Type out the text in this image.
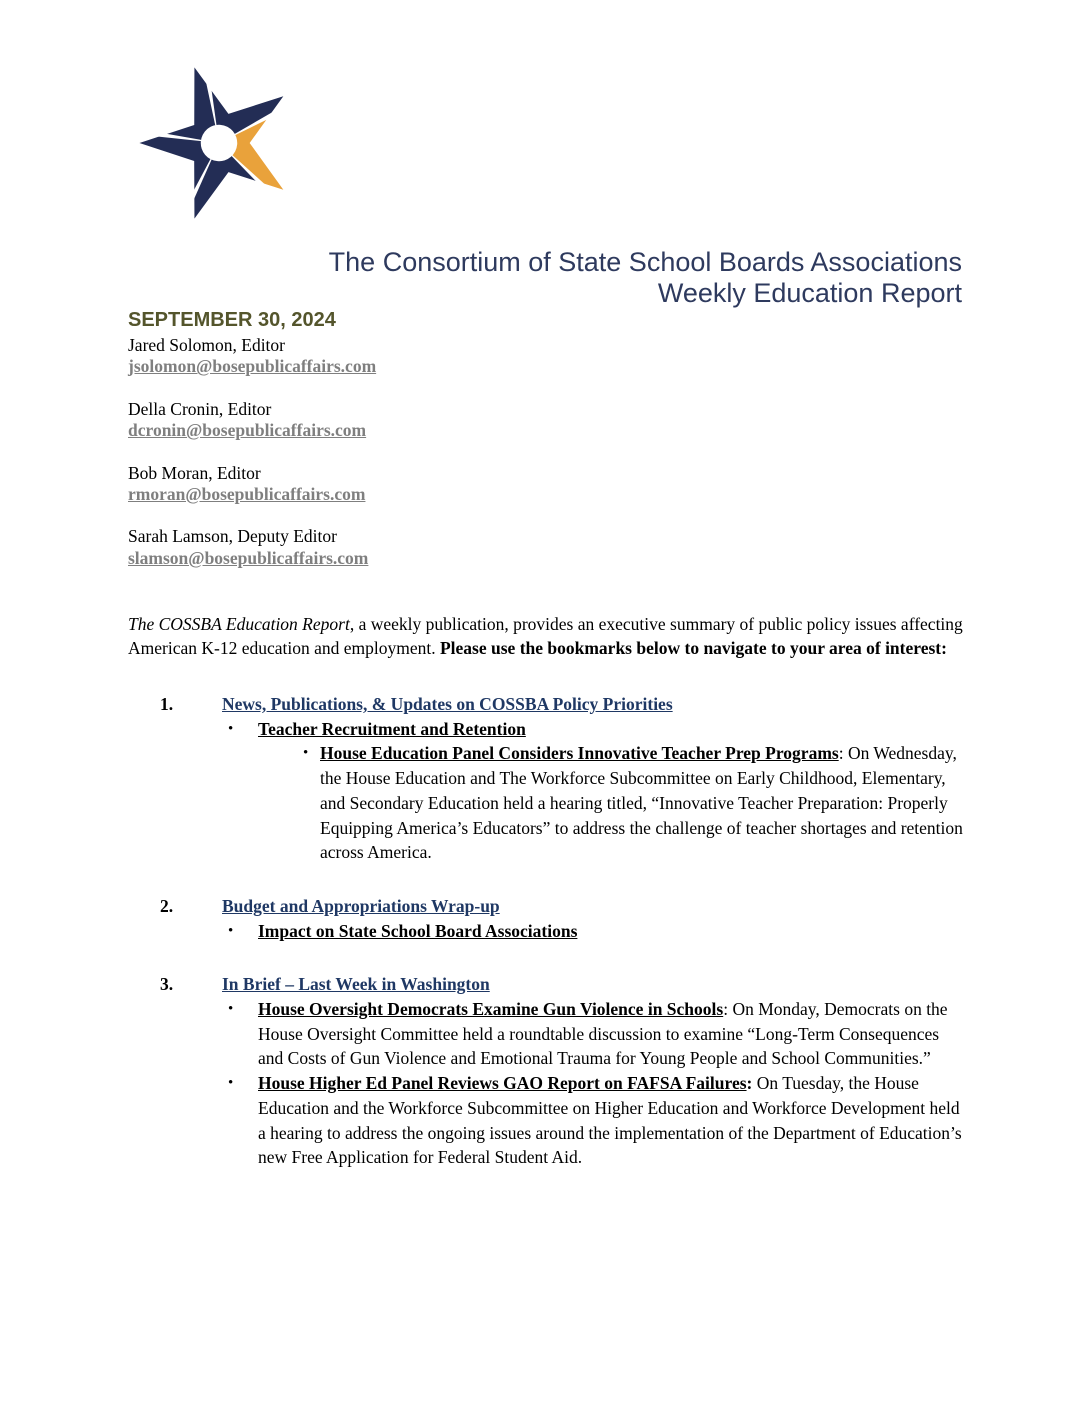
The Consortium of State School Boards Associations
Weekly Education Report
SEPTEMBER 30, 2024
Jared Solomon, Editor
jsolomon@bosepublicaffairs.com
Della Cronin, Editor
dcronin@bosepublicaffairs.com
Bob Moran, Editor
rmoran@bosepublicaffairs.com
Sarah Lamson, Deputy Editor
slamson@bosepublicaffairs.com
The COSSBA Education Report, a weekly publication, provides an executive summary of public policy issues affecting American K-12 education and employment. Please use the bookmarks below to navigate to your area of interest:
1.	News, Publications, & Updates on COSSBA Policy Priorities
•	Teacher Recruitment and Retention
• House Education Panel Considers Innovative Teacher Prep Programs: On Wednesday, the House Education and The Workforce Subcommittee on Early Childhood, Elementary, and Secondary Education held a hearing titled, “Innovative Teacher Preparation: Properly Equipping America’s Educators” to address the challenge of teacher shortages and retention across America.
2.	Budget and Appropriations Wrap-up
•	Impact on State School Board Associations
3.	In Brief – Last Week in Washington
•	House Oversight Democrats Examine Gun Violence in Schools: On Monday, Democrats on the House Oversight Committee held a roundtable discussion to examine “Long-Term Consequences and Costs of Gun Violence and Emotional Trauma for Young People and School Communities.”
•	House Higher Ed Panel Reviews GAO Report on FAFSA Failures: On Tuesday, the House Education and the Workforce Subcommittee on Higher Education and Workforce Development held a hearing to address the ongoing issues around the implementation of the Department of Education’s new Free Application for Federal Student Aid.
